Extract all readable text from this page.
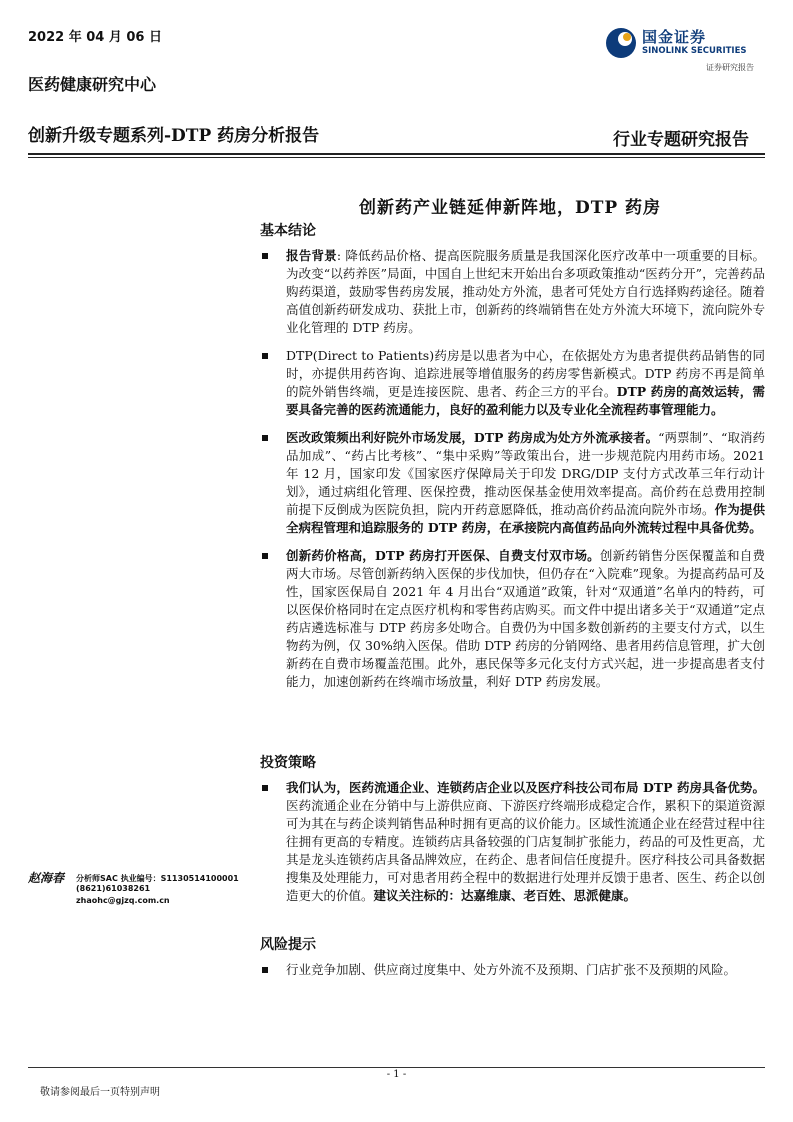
2022 年 04 月 06 日
医药健康研究中心
国金证券
SINOLINK SECURITIES
证券研究报告
创新升级专题系列-DTP 药房分析报告	行业专题研究报告
创新药产业链延伸新阵地，DTP 药房
基本结论
报告背景: 降低药品价格、提高医院服务质量是我国深化医疗改革中一项重要的目标。为改变“以药养医”局面，中国自上世纪末开始出台多项政策推动“医药分开”，完善药品购药渠道，鼓励零售药房发展，推动处方外流，患者可凭处方自行选择购药途径。随着高值创新药研发成功、获批上市，创新药的终端销售在处方外流大环境下，流向院外专业化管理的 DTP 药房。
DTP(Direct to Patients)药房是以患者为中心，在依据处方为患者提供药品销售的同时，亦提供用药咨询、追踪进展等增值服务的药房零售新模式。DTP 药房不再是简单的院外销售终端，更是连接医院、患者、药企三方的平台。DTP 药房的高效运转，需要具备完善的医药流通能力，良好的盈利能力以及专业化全流程药事管理能力。
医改政策频出利好院外市场发展，DTP 药房成为处方外流承接者。“两票制”、“取消药品加成”、“药占比考核”、“集中采购”等政策出台，进一步规范院内用药市场。2021 年 12 月，国家印发《国家医疗保障局关于印发 DRG/DIP 支付方式改革三年行动计划》，通过病组化管理、医保控费，推动医保基金使用效率提高。高价药在总费用控制前提下反倒成为医院负担，院内开药意愿降低，推动高价药品流向院外市场。作为提供全病程管理和追踪服务的 DTP 药房，在承接院内高值药品向外流转过程中具备优势。
创新药价格高，DTP 药房打开医保、自费支付双市场。创新药销售分医保覆盖和自费两大市场。尽管创新药纳入医保的步伐加快，但仍存在“入院难”现象。为提高药品可及性，国家医保局自 2021 年 4 月出台“双通道”政策，针对“双通道”名单内的特药，可以医保价格同时在定点医疗机构和零售药店购买。而文件中提出诸多关于“双通道”定点药店遴选标准与 DTP 药房多处吻合。自费仍为中国多数创新药的主要支付方式，以生物药为例，仅 30%纳入医保。借助 DTP 药房的分销网络、患者用药信息管理，扩大创新药在自费市场覆盖范围。此外，惠民保等多元化支付方式兴起，进一步提高患者支付能力，加速创新药在终端市场放量，利好 DTP 药房发展。
投资策略
我们认为，医药流通企业、连锁药店企业以及医疗科技公司布局 DTP 药房具备优势。医药流通企业在分销中与上游供应商、下游医疗终端形成稳定合作，累积下的渠道资源可为其在与药企谈判销售品种时拥有更高的议价能力。区域性流通企业在经营过程中往往拥有更高的专精度。连锁药店具备较强的门店复制扩张能力，药品的可及性更高，尤其是龙头连锁药店具备品牌效应，在药企、患者间信任度提升。医疗科技公司具备数据搜集及处理能力，可对患者用药全程中的数据进行处理并反馈于患者、医生、药企以创造更大的价值。建议关注标的：达嘉维康、老百姓、思派健康。
风险提示
行业竞争加剧、供应商过度集中、处方外流不及预期、门店扩张不及预期的风险。
赵海春 分析师SAC 执业编号：S1130514100001
(8621)61038261
zhaohc@gjzq.com.cn
- 1 -
敬请参阅最后一页特别声明
